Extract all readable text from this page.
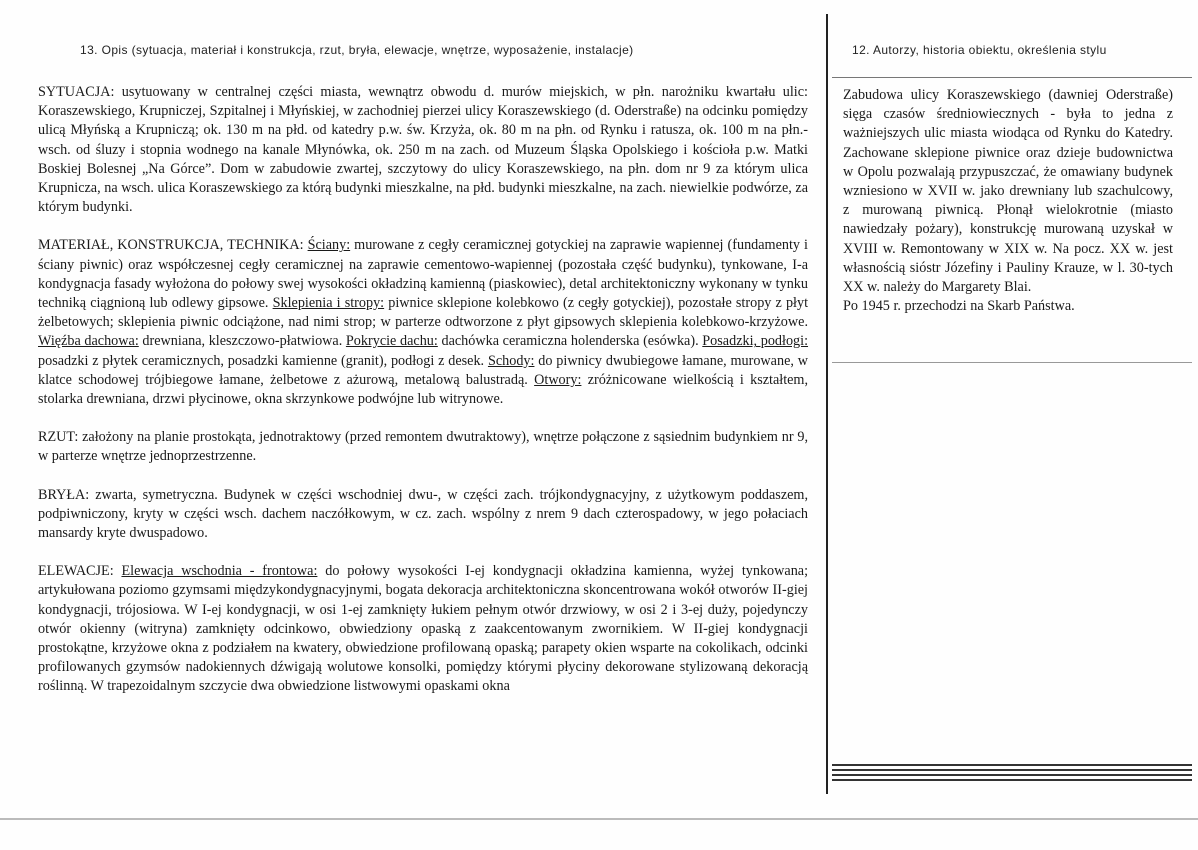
13. Opis (sytuacja, materiał i konstrukcja, rzut, bryła, elewacje, wnętrze, wyposażenie, instalacje)	12. Autorzy, historia obiektu, określenia stylu

SYTUACJA: usytuowany w centralnej części miasta, wewnątrz obwodu d. murów miejskich, w płn. narożniku kwartału ulic: Koraszewskiego, Krupniczej, Szpitalnej i Młyńskiej, w zachodniej pierzei ulicy Koraszewskiego (d. Oderstraße) na odcinku pomiędzy ulicą Młyńską a Krupniczą; ok. 130 m na płd. od katedry p.w. św. Krzyża, ok. 80 m na płn. od Rynku i ratusza, ok. 100 m na płn.-wsch. od śluzy i stopnia wodnego na kanale Młynówka, ok. 250 m na zach. od Muzeum Śląska Opolskiego i kościoła p.w. Matki Boskiej Bolesnej „Na Górce”. Dom w zabudowie zwartej, szczytowy do ulicy Koraszewskiego, na płn. dom nr 9 za którym ulica Krupnicza, na wsch. ulica Koraszewskiego za którą budynki mieszkalne, na płd. budynki mieszkalne, na zach. niewielkie podwórze, za którym budynki.

MATERIAŁ, KONSTRUKCJA, TECHNIKA: Ściany: murowane z cegły ceramicznej gotyckiej na zaprawie wapiennej (fundamenty i ściany piwnic) oraz współczesnej cegły ceramicznej na zaprawie cementowo-wapiennej (pozostała część budynku), tynkowane, I-a kondygnacja fasady wyłożona do połowy swej wysokości okładziną kamienną (piaskowiec), detal architektoniczny wykonany w tynku techniką ciągnioną lub odlewy gipsowe. Sklepienia i stropy: piwnice sklepione kolebkowo (z cegły gotyckiej), pozostałe stropy z płyt żelbetowych; sklepienia piwnic odciążone, nad nimi strop; w parterze odtworzone z płyt gipsowych sklepienia kolebkowo-krzyżowe. Więźba dachowa: drewniana, kleszczowo-płatwiowa. Pokrycie dachu: dachówka ceramiczna holenderska (esówka). Posadzki, podłogi: posadzki z płytek ceramicznych, posadzki kamienne (granit), podłogi z desek. Schody: do piwnicy dwubiegowe łamane, murowane, w klatce schodowej trójbiegowe łamane, żelbetowe z ażurową, metalową balustradą. Otwory: zróżnicowane wielkością i kształtem, stolarka drewniana, drzwi płycinowe, okna skrzynkowe podwójne lub witrynowe.

RZUT: założony na planie prostokąta, jednotraktowy (przed remontem dwutraktowy), wnętrze połączone z sąsiednim budynkiem nr 9, w parterze wnętrze jednoprzestrzenne.

BRYŁA: zwarta, symetryczna. Budynek w części wschodniej dwu-, w części zach. trójkondygnacyjny, z użytkowym poddaszem, podpiwniczony, kryty w części wsch. dachem naczółkowym, w cz. zach. wspólny z nrem 9 dach czterospadowy, w jego połaciach mansardy kryte dwuspadowo.

ELEWACJE: Elewacja wschodnia - frontowa: do połowy wysokości I-ej kondygnacji okładzina kamienna, wyżej tynkowana; artykułowana poziomo gzymsami międzykondygnacyjnymi, bogata dekoracja architektoniczna skoncentrowana wokół otworów II-giej kondygnacji, trójosiowa. W I-ej kondygnacji, w osi 1-ej zamknięty łukiem pełnym otwór drzwiowy, w osi 2 i 3-ej duży, pojedynczy otwór okienny (witryna) zamknięty odcinkowo, obwiedziony opaską z zaakcentowanym zwornikiem. W II-giej kondygnacji prostokątne, krzyżowe okna z podziałem na kwatery, obwiedzione profilowaną opaską; parapety okien wsparte na cokolikach, odcinki profilowanych gzymsów nadokiennych dźwigają wolutowe konsolki, pomiędzy którymi płyciny dekorowane stylizowaną dekoracją roślinną. W trapezoidalnym szczycie dwa obwiedzione listwowymi opaskami okna

Zabudowa ulicy Koraszewskiego (dawniej Oderstraße) sięga czasów średniowiecznych - była to jedna z ważniejszych ulic miasta wiodąca od Rynku do Katedry. Zachowane sklepione piwnice oraz dzieje budownictwa w Opolu pozwalają przypuszczać, że omawiany budynek wzniesiono w XVII w. jako drewniany lub szachulcowy, z murowaną piwnicą. Płonął wielokrotnie (miasto nawiedzały pożary), konstrukcję murowaną uzyskał w XVIII w. Remontowany w XIX w. Na pocz. XX w. jest własnością sióstr Józefiny i Pauliny Krauze, w l. 30-tych XX w. należy do Margarety Blai.

Po 1945 r. przechodzi na Skarb Państwa.
